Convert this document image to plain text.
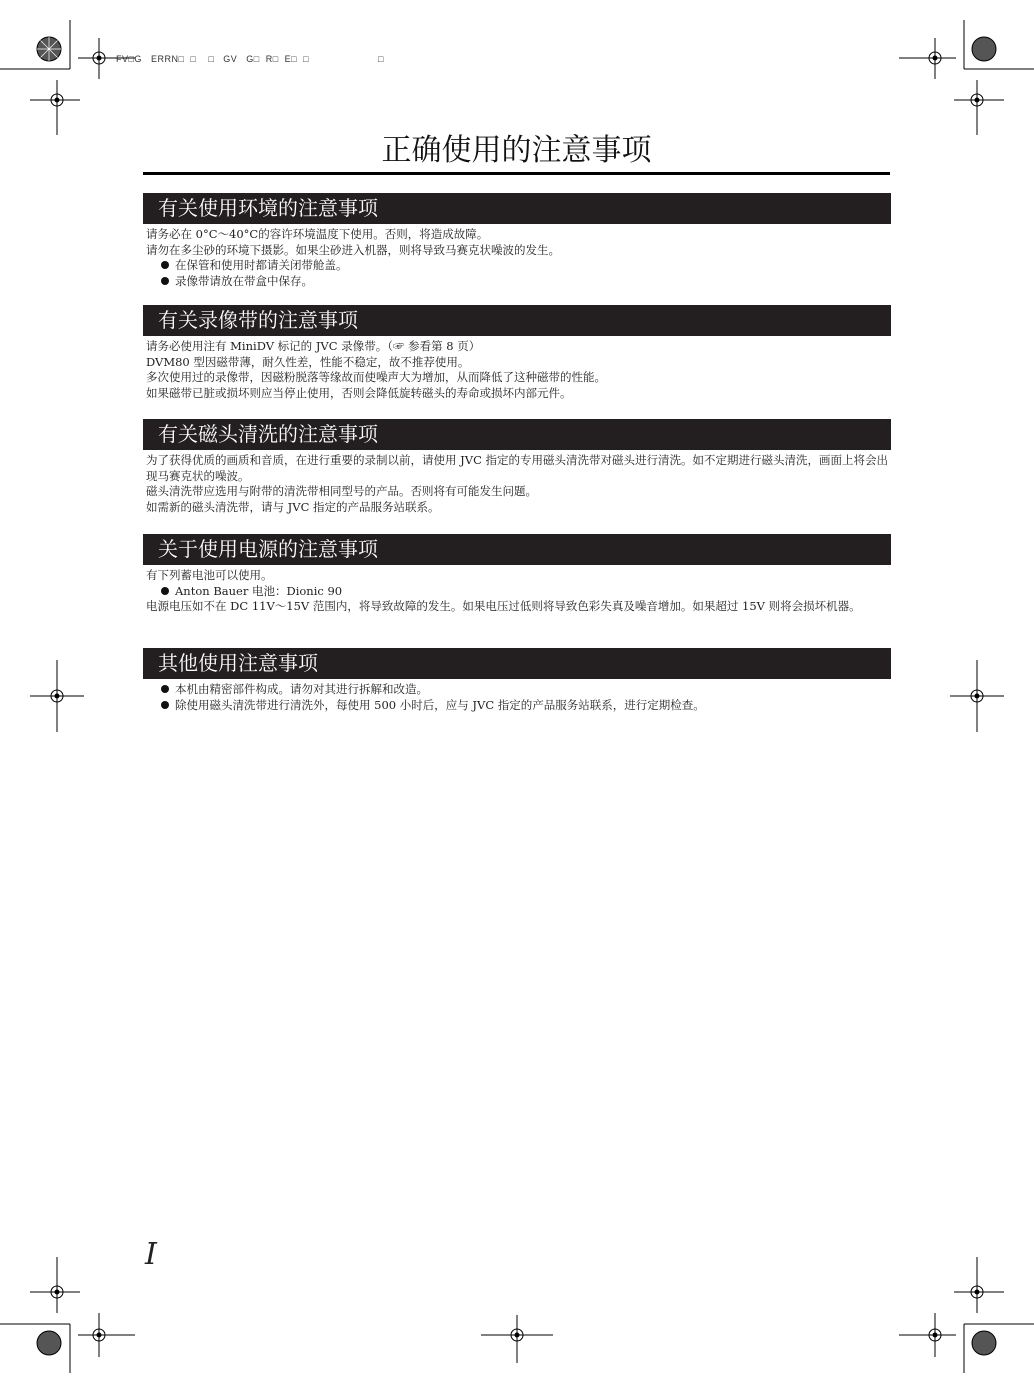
FV□G   ERRN□  □    □   GV   G□  R□  E□  □                       □
正确使用的注意事项
有关使用环境的注意事项

请务必在 0°C～40°C的容许环境温度下使用。否则，将造成故障。

请勿在多尘砂的环境下摄影。如果尘砂进入机器，则将导致马赛克状噪波的发生。

在保管和使用时都请关闭带舱盖。

录像带请放在带盒中保存。

有关录像带的注意事项

请务必使用注有 MiniDV 标记的 JVC 录像带。（☞ 参看第 8 页）

DVM80 型因磁带薄，耐久性差，性能不稳定，故不推荐使用。

多次使用过的录像带，因磁粉脱落等缘故而使噪声大为增加，从而降低了这种磁带的性能。

如果磁带已脏或损坏则应当停止使用，否则会降低旋转磁头的寿命或损坏内部元件。

有关磁头清洗的注意事项

为了获得优质的画质和音质，在进行重要的录制以前，请使用 JVC 指定的专用磁头清洗带对磁头进行清洗。如不定期进行磁头清洗，画面上将会出现马赛克状的噪波。

磁头清洗带应选用与附带的清洗带相同型号的产品。否则将有可能发生问题。

如需新的磁头清洗带，请与 JVC 指定的产品服务站联系。

关于使用电源的注意事项

有下列蓄电池可以使用。

Anton Bauer 电池：Dionic 90

电源电压如不在 DC 11V～15V 范围内，将导致故障的发生。如果电压过低则将导致色彩失真及噪音增加。如果超过 15V 则将会损坏机器。

其他使用注意事项

本机由精密部件构成。请勿对其进行拆解和改造。

除使用磁头清洗带进行清洗外，每使用 500 小时后，应与 JVC 指定的产品服务站联系，进行定期检查。

I
